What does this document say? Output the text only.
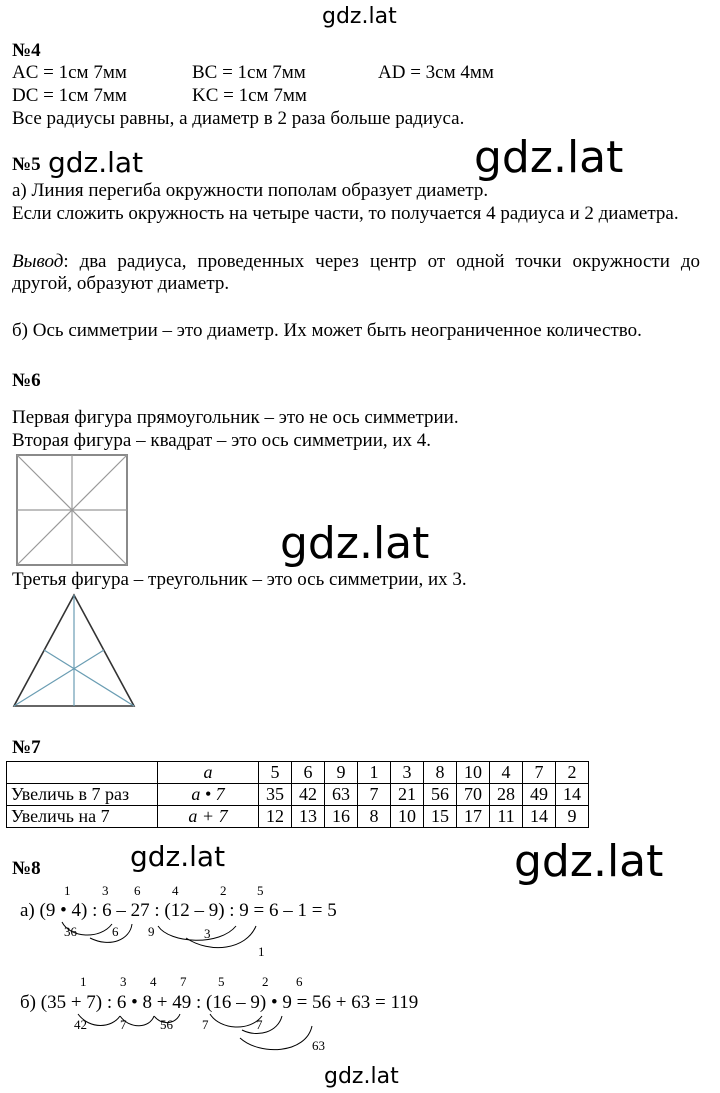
gdz.lat
gdz.lat	gdz.lat
gdz.lat
gdz.lat	gdz.lat
gdz.lat
№4
AC = 1см 7мм	BC = 1см 7мм	AD = 3см 4мм
DC = 1см 7мм	KC = 1см 7мм
Все радиусы равны, а диаметр в 2 раза больше радиуса.
№5
а) Линия перегиба окружности пополам образует диаметр.
Если сложить окружность на четыре части, то получается 4 радиуса и 2 диаметра.
Вывод: два радиуса, проведенных через центр от одной точки окружности до другой, образуют диаметр.
б) Ось симметрии – это диаметр. Их может быть неограниченное количество.
№6
Первая фигура прямоугольник – это не ось симметрии.
Вторая фигура – квадрат – это ось симметрии, их 4.
Третья фигура – треугольник – это ось симметрии, их 3.
№7
	a	5	6	9	1	3	8	10	4	7	2
Увеличь в 7 раз	a • 7	35	42	63	7	21	56	70	28	49	14
Увеличь на 7	a + 7	12	13	16	8	10	15	17	11	14	9
№8
1 3 6 4	2 5
а) (9 • 4) : 6 – 27 : (12 – 9) : 9 = 6 – 1 = 5
36	6 9	3
1
1	3 4 7 5	2 6
б) (35 + 7) : 6 • 8 + 49 : (16 – 9) • 9 = 56 + 63 = 119
42	7	56 7	7
63
